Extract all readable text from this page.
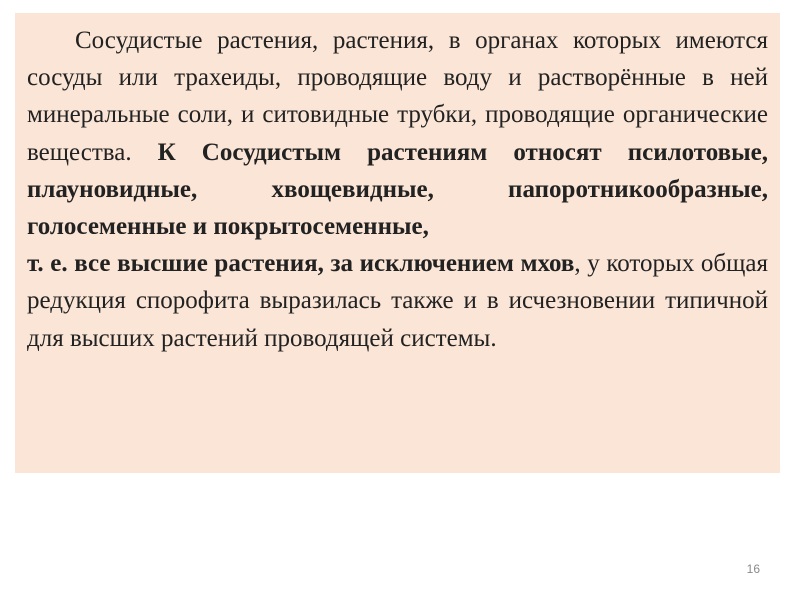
Сосудистые растения, растения, в органах которых имеются сосуды или трахеиды, проводящие воду и растворённые в ней минеральные соли, и ситовидные трубки, проводящие органические вещества. К Сосудистым растениям относят псилотовые, плауновидные, хвощевидные, папоротникообразные, голосеменные и покрытосеменные,

т. е. все высшие растения, за исключением мхов, у которых общая редукция спорофита выразилась также и в исчезновении типичной для высших растений проводящей системы.

16
